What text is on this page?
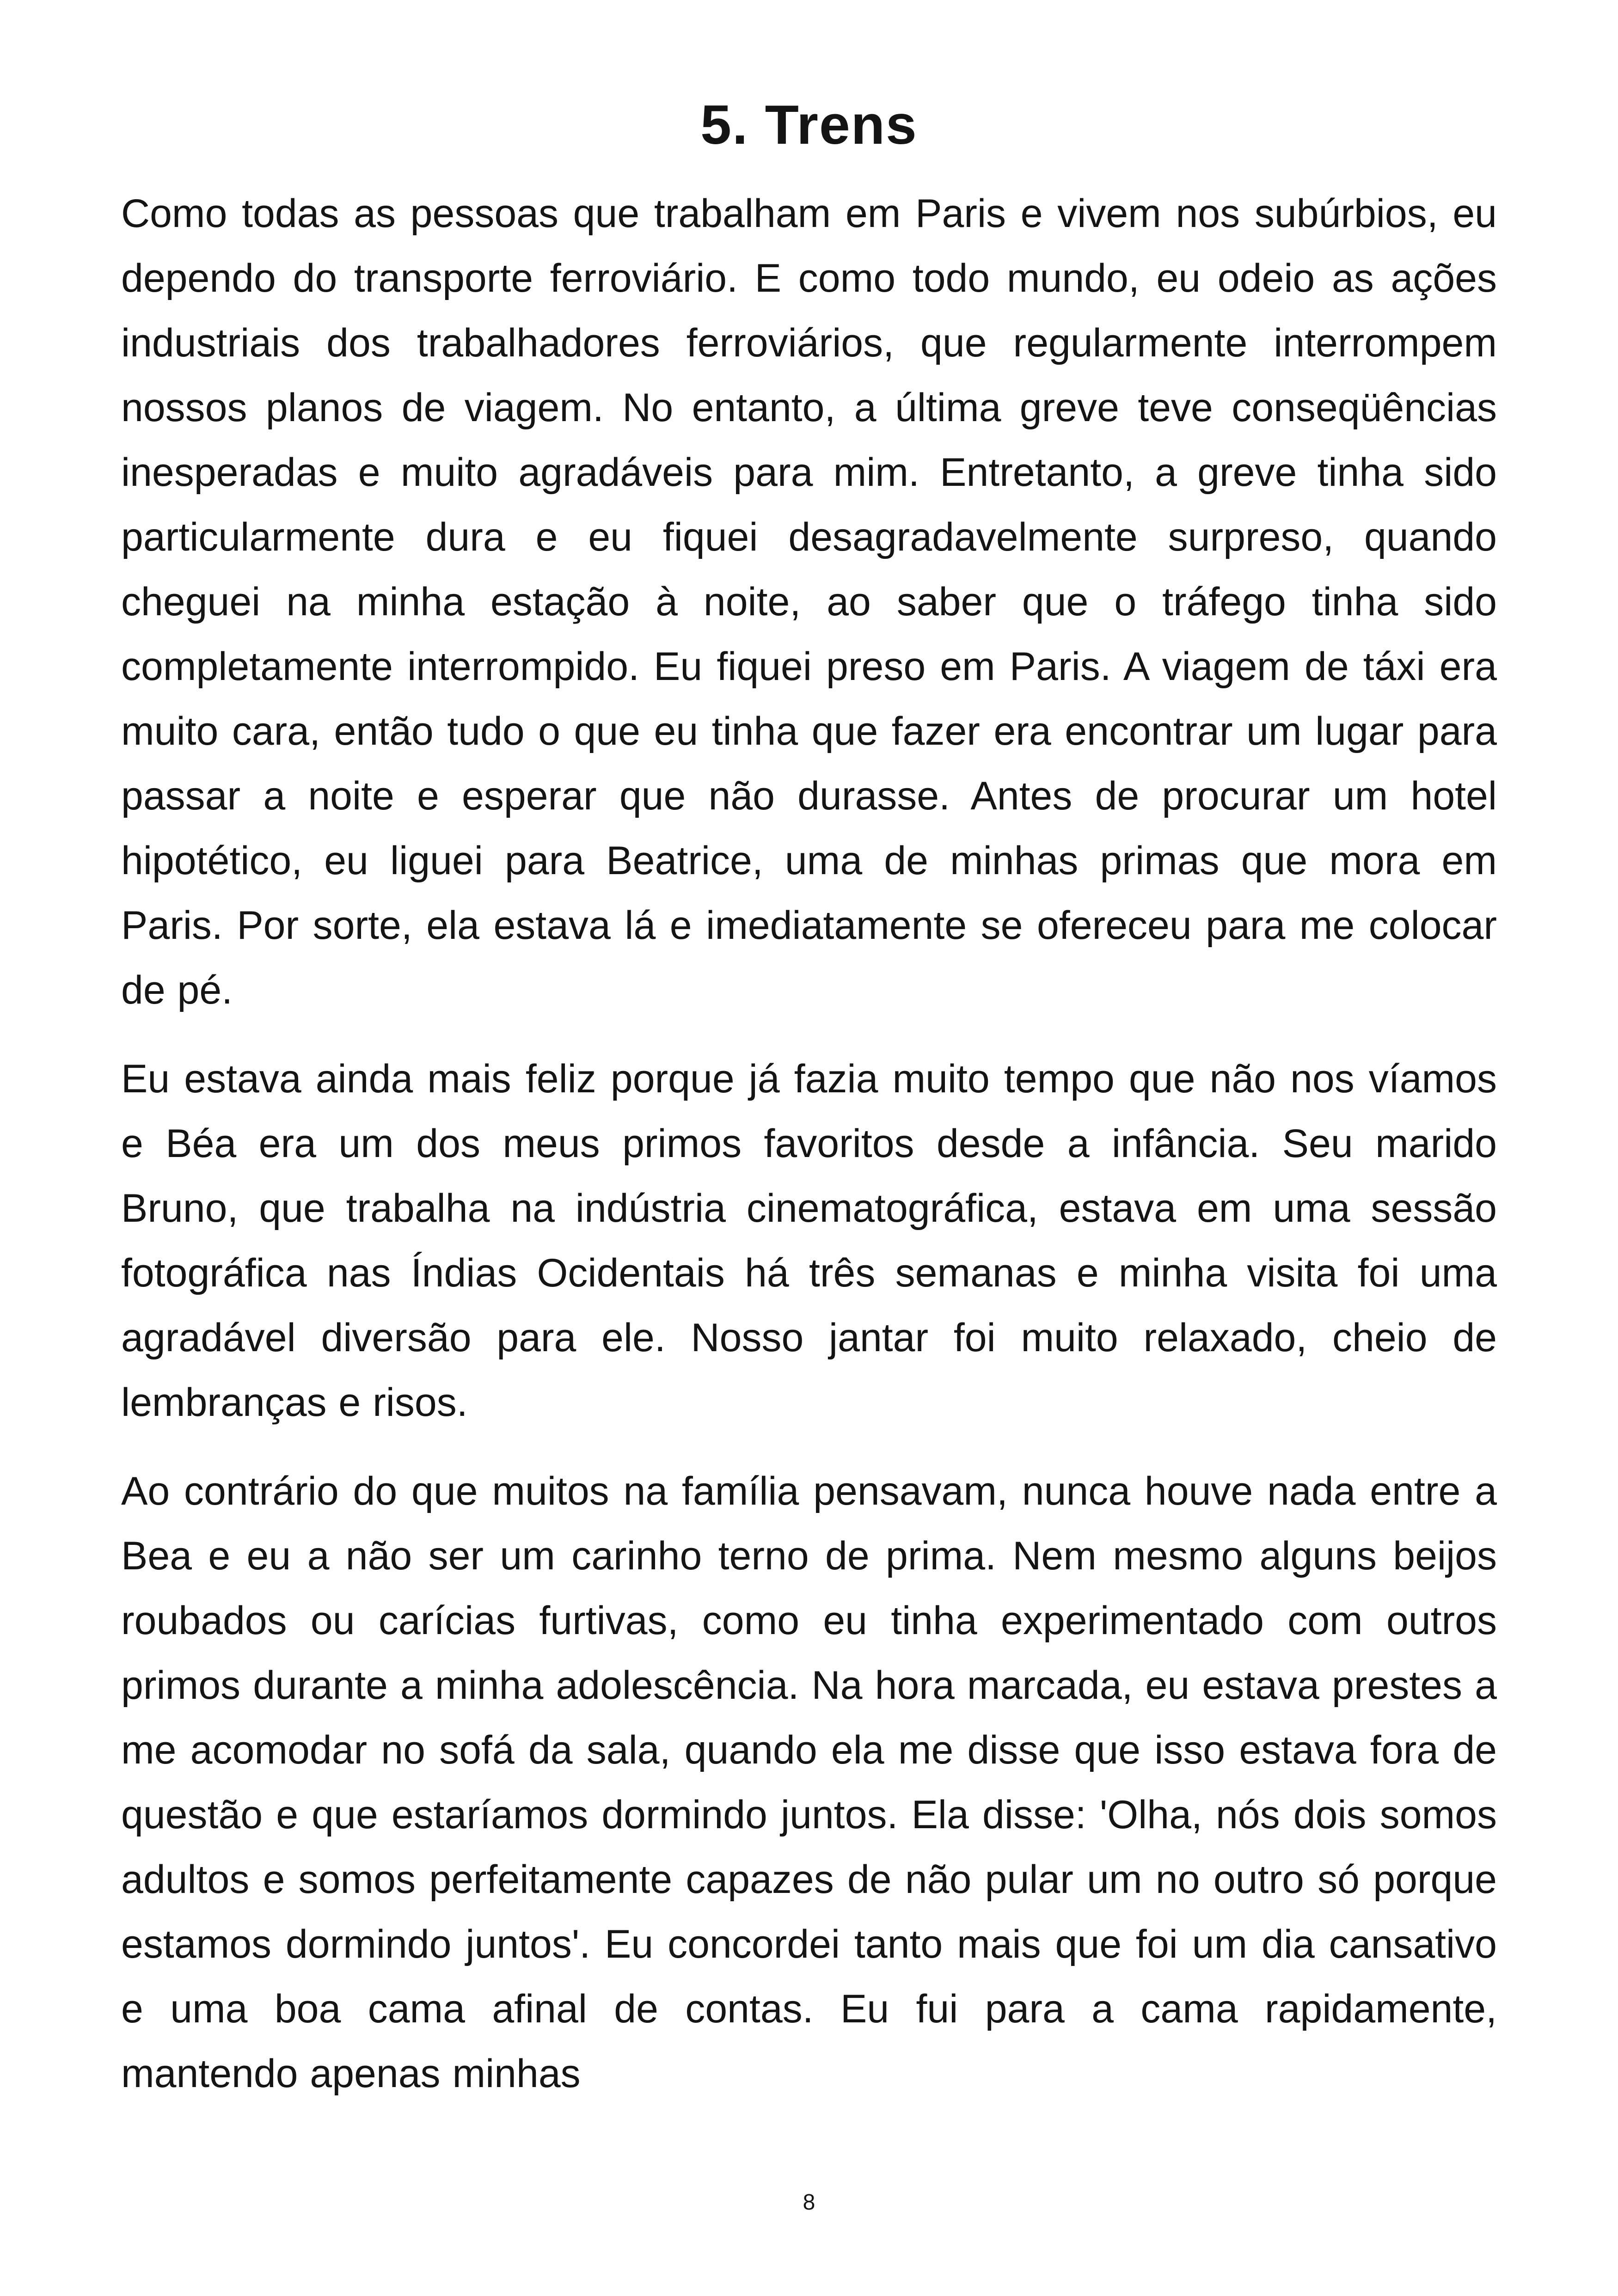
5. Trens

Como todas as pessoas que trabalham em Paris e vivem nos subúrbios, eu dependo do transporte ferroviário. E como todo mundo, eu odeio as ações industriais dos trabalhadores ferroviários, que regularmente interrompem nossos planos de viagem. No entanto, a última greve teve conseqüências inesperadas e muito agradáveis para mim. Entretanto, a greve tinha sido particularmente dura e eu fiquei desagradavelmente surpreso, quando cheguei na minha estação à noite, ao saber que o tráfego tinha sido completamente interrompido. Eu fiquei preso em Paris. A viagem de táxi era muito cara, então tudo o que eu tinha que fazer era encontrar um lugar para passar a noite e esperar que não durasse. Antes de procurar um hotel hipotético, eu liguei para Beatrice, uma de minhas primas que mora em Paris. Por sorte, ela estava lá e imediatamente se ofereceu para me colocar de pé.

Eu estava ainda mais feliz porque já fazia muito tempo que não nos víamos e Béa era um dos meus primos favoritos desde a infância. Seu marido Bruno, que trabalha na indústria cinematográfica, estava em uma sessão fotográfica nas Índias Ocidentais há três semanas e minha visita foi uma agradável diversão para ele. Nosso jantar foi muito relaxado, cheio de lembranças e risos.

Ao contrário do que muitos na família pensavam, nunca houve nada entre a Bea e eu a não ser um carinho terno de prima. Nem mesmo alguns beijos roubados ou carícias furtivas, como eu tinha experimentado com outros primos durante a minha adolescência. Na hora marcada, eu estava prestes a me acomodar no sofá da sala, quando ela me disse que isso estava fora de questão e que estaríamos dormindo juntos. Ela disse: 'Olha, nós dois somos adultos e somos perfeitamente capazes de não pular um no outro só porque estamos dormindo juntos'. Eu concordei tanto mais que foi um dia cansativo e uma boa cama afinal de contas. Eu fui para a cama rapidamente, mantendo apenas minhas

8
